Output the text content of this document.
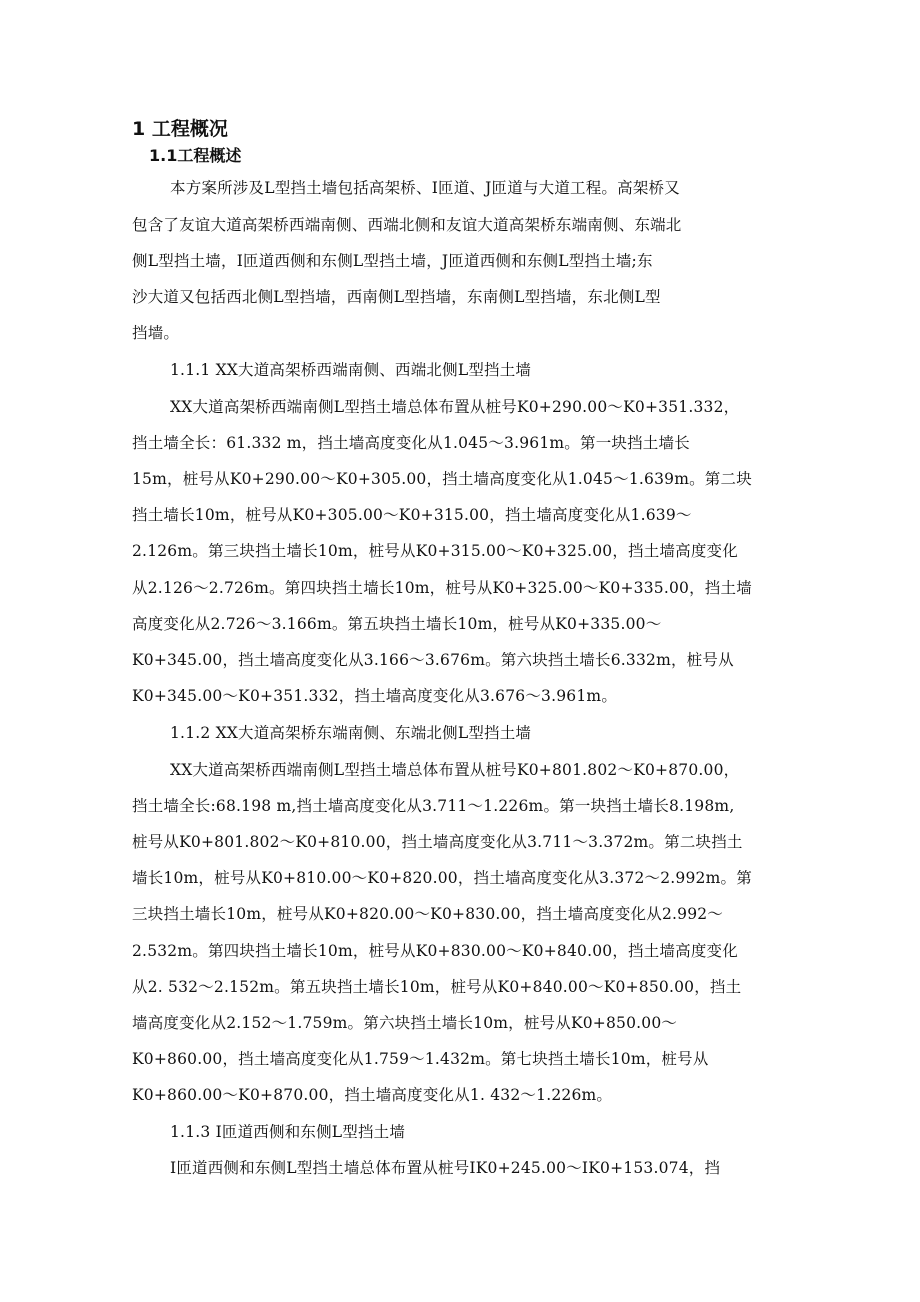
1 工程概况
1.1工程概述
本方案所涉及L型挡土墙包括高架桥、I匝道、J匝道与大道工程。高架桥又
包含了友谊大道高架桥西端南侧、西端北侧和友谊大道高架桥东端南侧、东端北
侧L型挡土墙，I匝道西侧和东侧L型挡土墙，J匝道西侧和东侧L型挡土墙;东
沙大道又包括西北侧L型挡墙，西南侧L型挡墙，东南侧L型挡墙，东北侧L型
挡墙。
1.1.1 XX大道高架桥西端南侧、西端北侧L型挡土墙
XX大道高架桥西端南侧L型挡土墙总体布置从桩号K0+290.00～K0+351.332，
挡土墙全长：61.332 m，挡土墙高度变化从1.045～3.961m。第一块挡土墙长
15m，桩号从K0+290.00～K0+305.00，挡土墙高度变化从1.045～1.639m。第二块
挡土墙长10m，桩号从K0+305.00～K0+315.00，挡土墙高度变化从1.639～
2.126m。第三块挡土墙长10m，桩号从K0+315.00～K0+325.00，挡土墙高度变化
从2.126～2.726m。第四块挡土墙长10m，桩号从K0+325.00～K0+335.00，挡土墙
高度变化从2.726～3.166m。第五块挡土墙长10m，桩号从K0+335.00～
K0+345.00，挡土墙高度变化从3.166～3.676m。第六块挡土墙长6.332m，桩号从
K0+345.00～K0+351.332，挡土墙高度变化从3.676～3.961m。
1.1.2 XX大道高架桥东端南侧、东端北侧L型挡土墙
XX大道高架桥西端南侧L型挡土墙总体布置从桩号K0+801.802～K0+870.00，
挡土墙全长:68.198 m,挡土墙高度变化从3.711～1.226m。第一块挡土墙长8.198m,
桩号从K0+801.802～K0+810.00，挡土墙高度变化从3.711～3.372m。第二块挡土
墙长10m，桩号从K0+810.00～K0+820.00，挡土墙高度变化从3.372～2.992m。第
三块挡土墙长10m，桩号从K0+820.00～K0+830.00，挡土墙高度变化从2.992～
2.532m。第四块挡土墙长10m，桩号从K0+830.00～K0+840.00，挡土墙高度变化
从2. 532～2.152m。第五块挡土墙长10m，桩号从K0+840.00～K0+850.00，挡土
墙高度变化从2.152～1.759m。第六块挡土墙长10m，桩号从K0+850.00～
K0+860.00，挡土墙高度变化从1.759～1.432m。第七块挡土墙长10m，桩号从
K0+860.00～K0+870.00，挡土墙高度变化从1. 432～1.226m。
1.1.3 I匝道西侧和东侧L型挡土墙
I匝道西侧和东侧L型挡土墙总体布置从桩号IK0+245.00～IK0+153.074，挡
